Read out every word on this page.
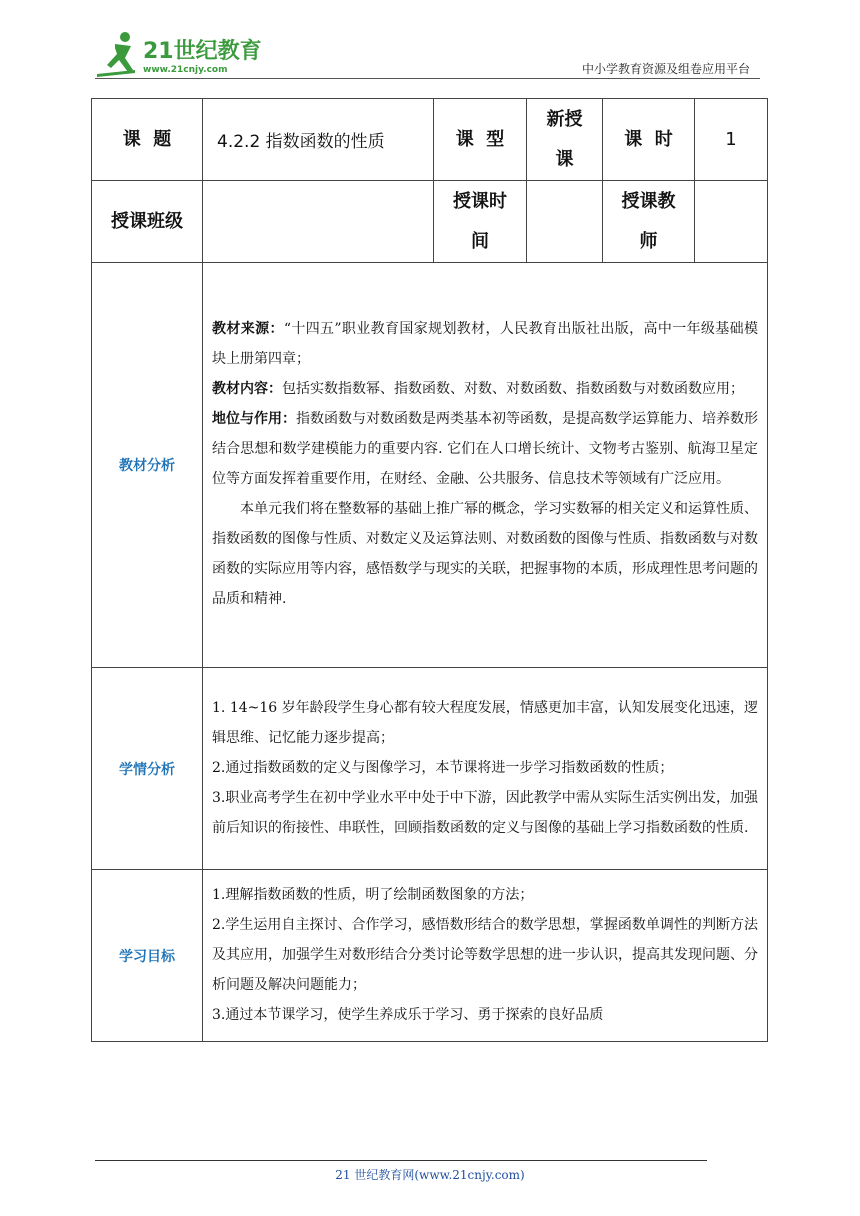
21世纪教育
www.21cnjy.com	中小学教育资源及组卷应用平台
课  题	4.2.2 指数函数的性质	课  型	新授课	课  时	1
授课班级		授课时间		授课教师	
教材分析	教材来源：“十四五”职业教育国家规划教材，人民教育出版社出版，高中一年级基础模块上册第四章；

教材内容：包括实数指数幂、指数函数、对数、对数函数、指数函数与对数函数应用；

地位与作用：指数函数与对数函数是两类基本初等函数，是提高数学运算能力、培养数形结合思想和数学建模能力的重要内容. 它们在人口增长统计、文物考古鉴别、航海卫星定位等方面发挥着重要作用，在财经、金融、公共服务、信息技术等领域有广泛应用。

本单元我们将在整数幂的基础上推广幂的概念，学习实数幂的相关定义和运算性质、指数函数的图像与性质、对数定义及运算法则、对数函数的图像与性质、指数函数与对数函数的实际应用等内容，感悟数学与现实的关联，把握事物的本质，形成理性思考问题的品质和精神.				

学情分析	1. 14~16 岁年龄段学生身心都有较大程度发展，情感更加丰富，认知发展变化迅速，逻辑思维、记忆能力逐步提高；

2.通过指数函数的定义与图像学习，本节课将进一步学习指数函数的性质；

3.职业高考学生在初中学业水平中处于中下游，因此教学中需从实际生活实例出发，加强前后知识的衔接性、串联性，回顾指数函数的定义与图像的基础上学习指数函数的性质.				

学习目标	1.理解指数函数的性质，明了绘制函数图象的方法；

2.学生运用自主探讨、合作学习，感悟数形结合的数学思想，掌握函数单调性的判断方法及其应用，加强学生对数形结合分类讨论等数学思想的进一步认识，提高其发现问题、分析问题及解决问题能力；

3.通过本节课学习，使学生养成乐于学习、勇于探索的良好品质				

21 世纪教育网(www.21cnjy.com)
